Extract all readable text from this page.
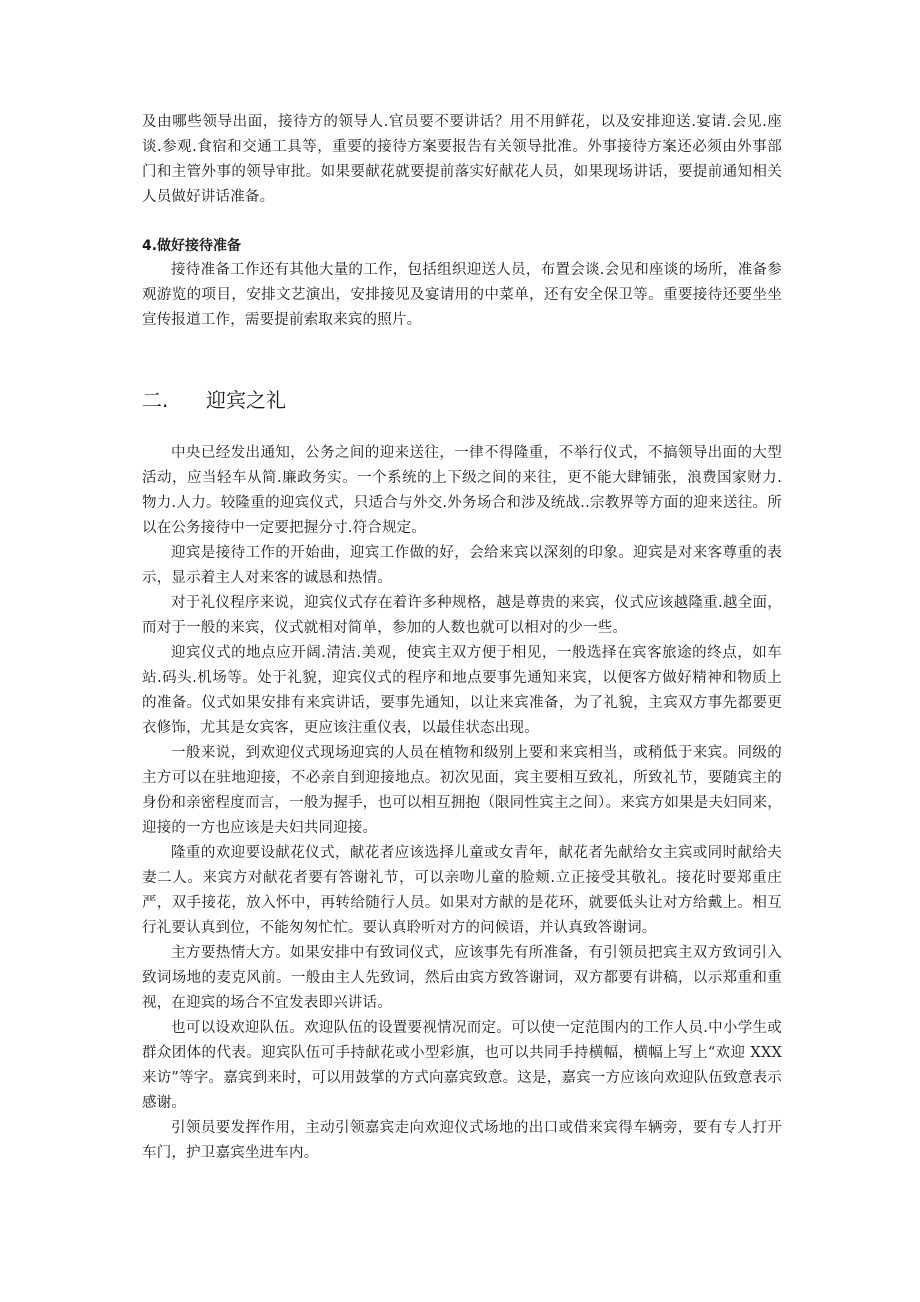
及由哪些领导出面，接待方的领导人.官员要不要讲话？用不用鲜花，以及安排迎送.宴请.会见.座谈.参观.食宿和交通工具等，重要的接待方案要报告有关领导批准。外事接待方案还必须由外事部门和主管外事的领导审批。如果要献花就要提前落实好献花人员，如果现场讲话，要提前通知相关人员做好讲话准备。

4.做好接待准备

接待准备工作还有其他大量的工作，包括组织迎送人员，布置会谈.会见和座谈的场所，准备参观游览的项目，安排文艺演出，安排接见及宴请用的中菜单，还有安全保卫等。重要接待还要坐坐宣传报道工作，需要提前索取来宾的照片。

二.	迎宾之礼

中央已经发出通知，公务之间的迎来送往，一律不得隆重，不举行仪式，不搞领导出面的大型活动，应当轻车从简.廉政务实。一个系统的上下级之间的来往，更不能大肆铺张，浪费国家财力.物力.人力。较隆重的迎宾仪式，只适合与外交.外务场合和涉及统战..宗教界等方面的迎来送往。所以在公务接待中一定要把握分寸.符合规定。

迎宾是接待工作的开始曲，迎宾工作做的好，会给来宾以深刻的印象。迎宾是对来客尊重的表示，显示着主人对来客的诚恳和热情。

对于礼仪程序来说，迎宾仪式存在着许多种规格，越是尊贵的来宾，仪式应该越隆重.越全面，而对于一般的来宾，仪式就相对简单，参加的人数也就可以相对的少一些。

迎宾仪式的地点应开阔.清洁.美观，使宾主双方便于相见，一般选择在宾客旅途的终点，如车站.码头.机场等。处于礼貌，迎宾仪式的程序和地点要事先通知来宾，以便客方做好精神和物质上的准备。仪式如果安排有来宾讲话，要事先通知，以让来宾准备，为了礼貌，主宾双方事先都要更衣修饰，尤其是女宾客，更应该注重仪表，以最佳状态出现。

一般来说，到欢迎仪式现场迎宾的人员在植物和级别上要和来宾相当，或稍低于来宾。同级的主方可以在驻地迎接，不必亲自到迎接地点。初次见面，宾主要相互致礼，所致礼节，要随宾主的身份和亲密程度而言，一般为握手，也可以相互拥抱（限同性宾主之间）。来宾方如果是夫妇同来，迎接的一方也应该是夫妇共同迎接。

隆重的欢迎要设献花仪式，献花者应该选择儿童或女青年，献花者先献给女主宾或同时献给夫妻二人。来宾方对献花者要有答谢礼节，可以亲吻儿童的脸颊.立正接受其敬礼。接花时要郑重庄严，双手接花，放入怀中，再转给随行人员。如果对方献的是花环，就要低头让对方给戴上。相互行礼要认真到位，不能匆匆忙忙。要认真聆听对方的问候语，并认真致答谢词。

主方要热情大方。如果安排中有致词仪式，应该事先有所准备，有引领员把宾主双方致词引入致词场地的麦克风前。一般由主人先致词，然后由宾方致答谢词，双方都要有讲稿，以示郑重和重视，在迎宾的场合不宜发表即兴讲话。

也可以设欢迎队伍。欢迎队伍的设置要视情况而定。可以使一定范围内的工作人员.中小学生或群众团体的代表。迎宾队伍可手持献花或小型彩旗，也可以共同手持横幅，横幅上写上“欢迎 XXX 来访”等字。嘉宾到来时，可以用鼓掌的方式向嘉宾致意。这是，嘉宾一方应该向欢迎队伍致意表示感谢。

引领员要发挥作用，主动引领嘉宾走向欢迎仪式场地的出口或借来宾得车辆旁，要有专人打开车门，护卫嘉宾坐进车内。
